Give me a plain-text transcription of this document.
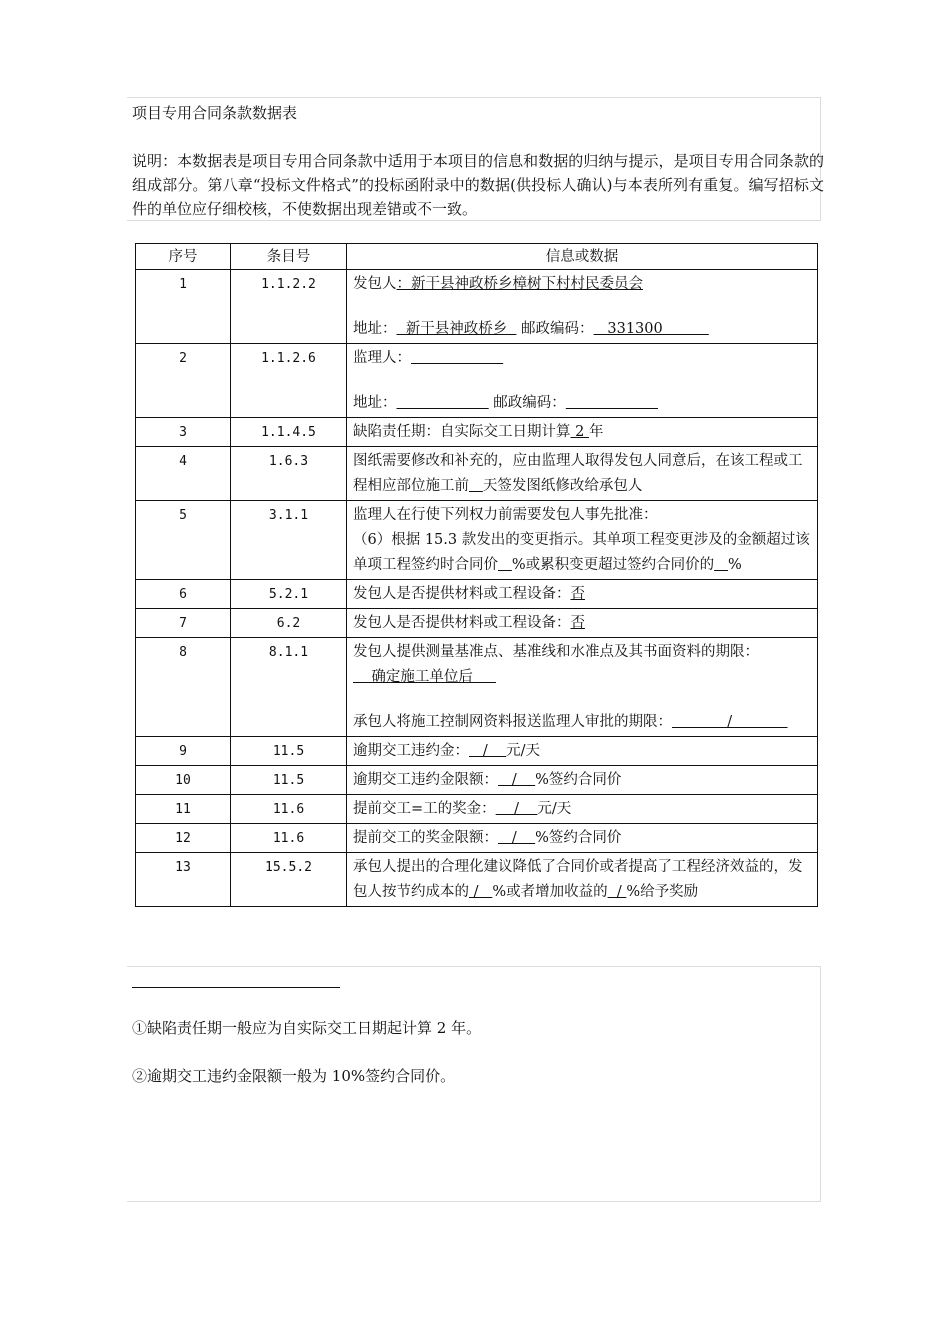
项目专用合同条款数据表
说明：本数据表是项目专用合同条款中适用于本项目的信息和数据的归纳与提示，是项目专用合同条款的组成部分。第八章“投标文件格式”的投标函附录中的数据(供投标人确认)与本表所列有重复。编写招标文件的单位应仔细校核，不使数据出现差错或不一致。
序号	条目号	信息或数据
1	1.1.2.2	发包人：新干县神政桥乡樟树下村村民委员会
地址：  新干县神政桥乡   邮政编码：   331300

2	1.1.2.6	监理人：
地址： 邮政编码：

3	1.1.4.5	缺陷责任期：自实际交工日期计算 2 年
4	1.6.3	图纸需要修改和补充的，应由监理人取得发包人同意后，在该工程或工程相应部位施工前 天签发图纸修改给承包人
5	3.1.1	监理人在行使下列权力前需要发包人事先批准：
（6）根据 15.3 款发出的变更指示。其单项工程变更涉及的金额超过该单项工程签约时合同价 %或累积变更超过签约合同价的 %

6	5.2.1	发包人是否提供材料或工程设备：否
7	6.2	发包人是否提供材料或工程设备：否
8	8.1.1	发包人提供测量基准点、基准线和水准点及其书面资料的期限：    确定施工单位后
承包人将施工控制网资料报送监理人审批的期限：            /

9	11.5	逾期交工违约金：   /    元/天
10	11.5	逾期交工违约金限额：   /    %签约合同价
11	11.6	提前交工=工的奖金：    /    元/天
12	11.6	提前交工的奖金限额：   /    %签约合同价
13	15.5.2	承包人提出的合理化建议降低了合同价或者提高了工程经济效益的，发包人按节约成本的 /   %或者增加收益的  / %给予奖励
①缺陷责任期一般应为自实际交工日期起计算 2 年。
②逾期交工违约金限额一般为 10%签约合同价。
